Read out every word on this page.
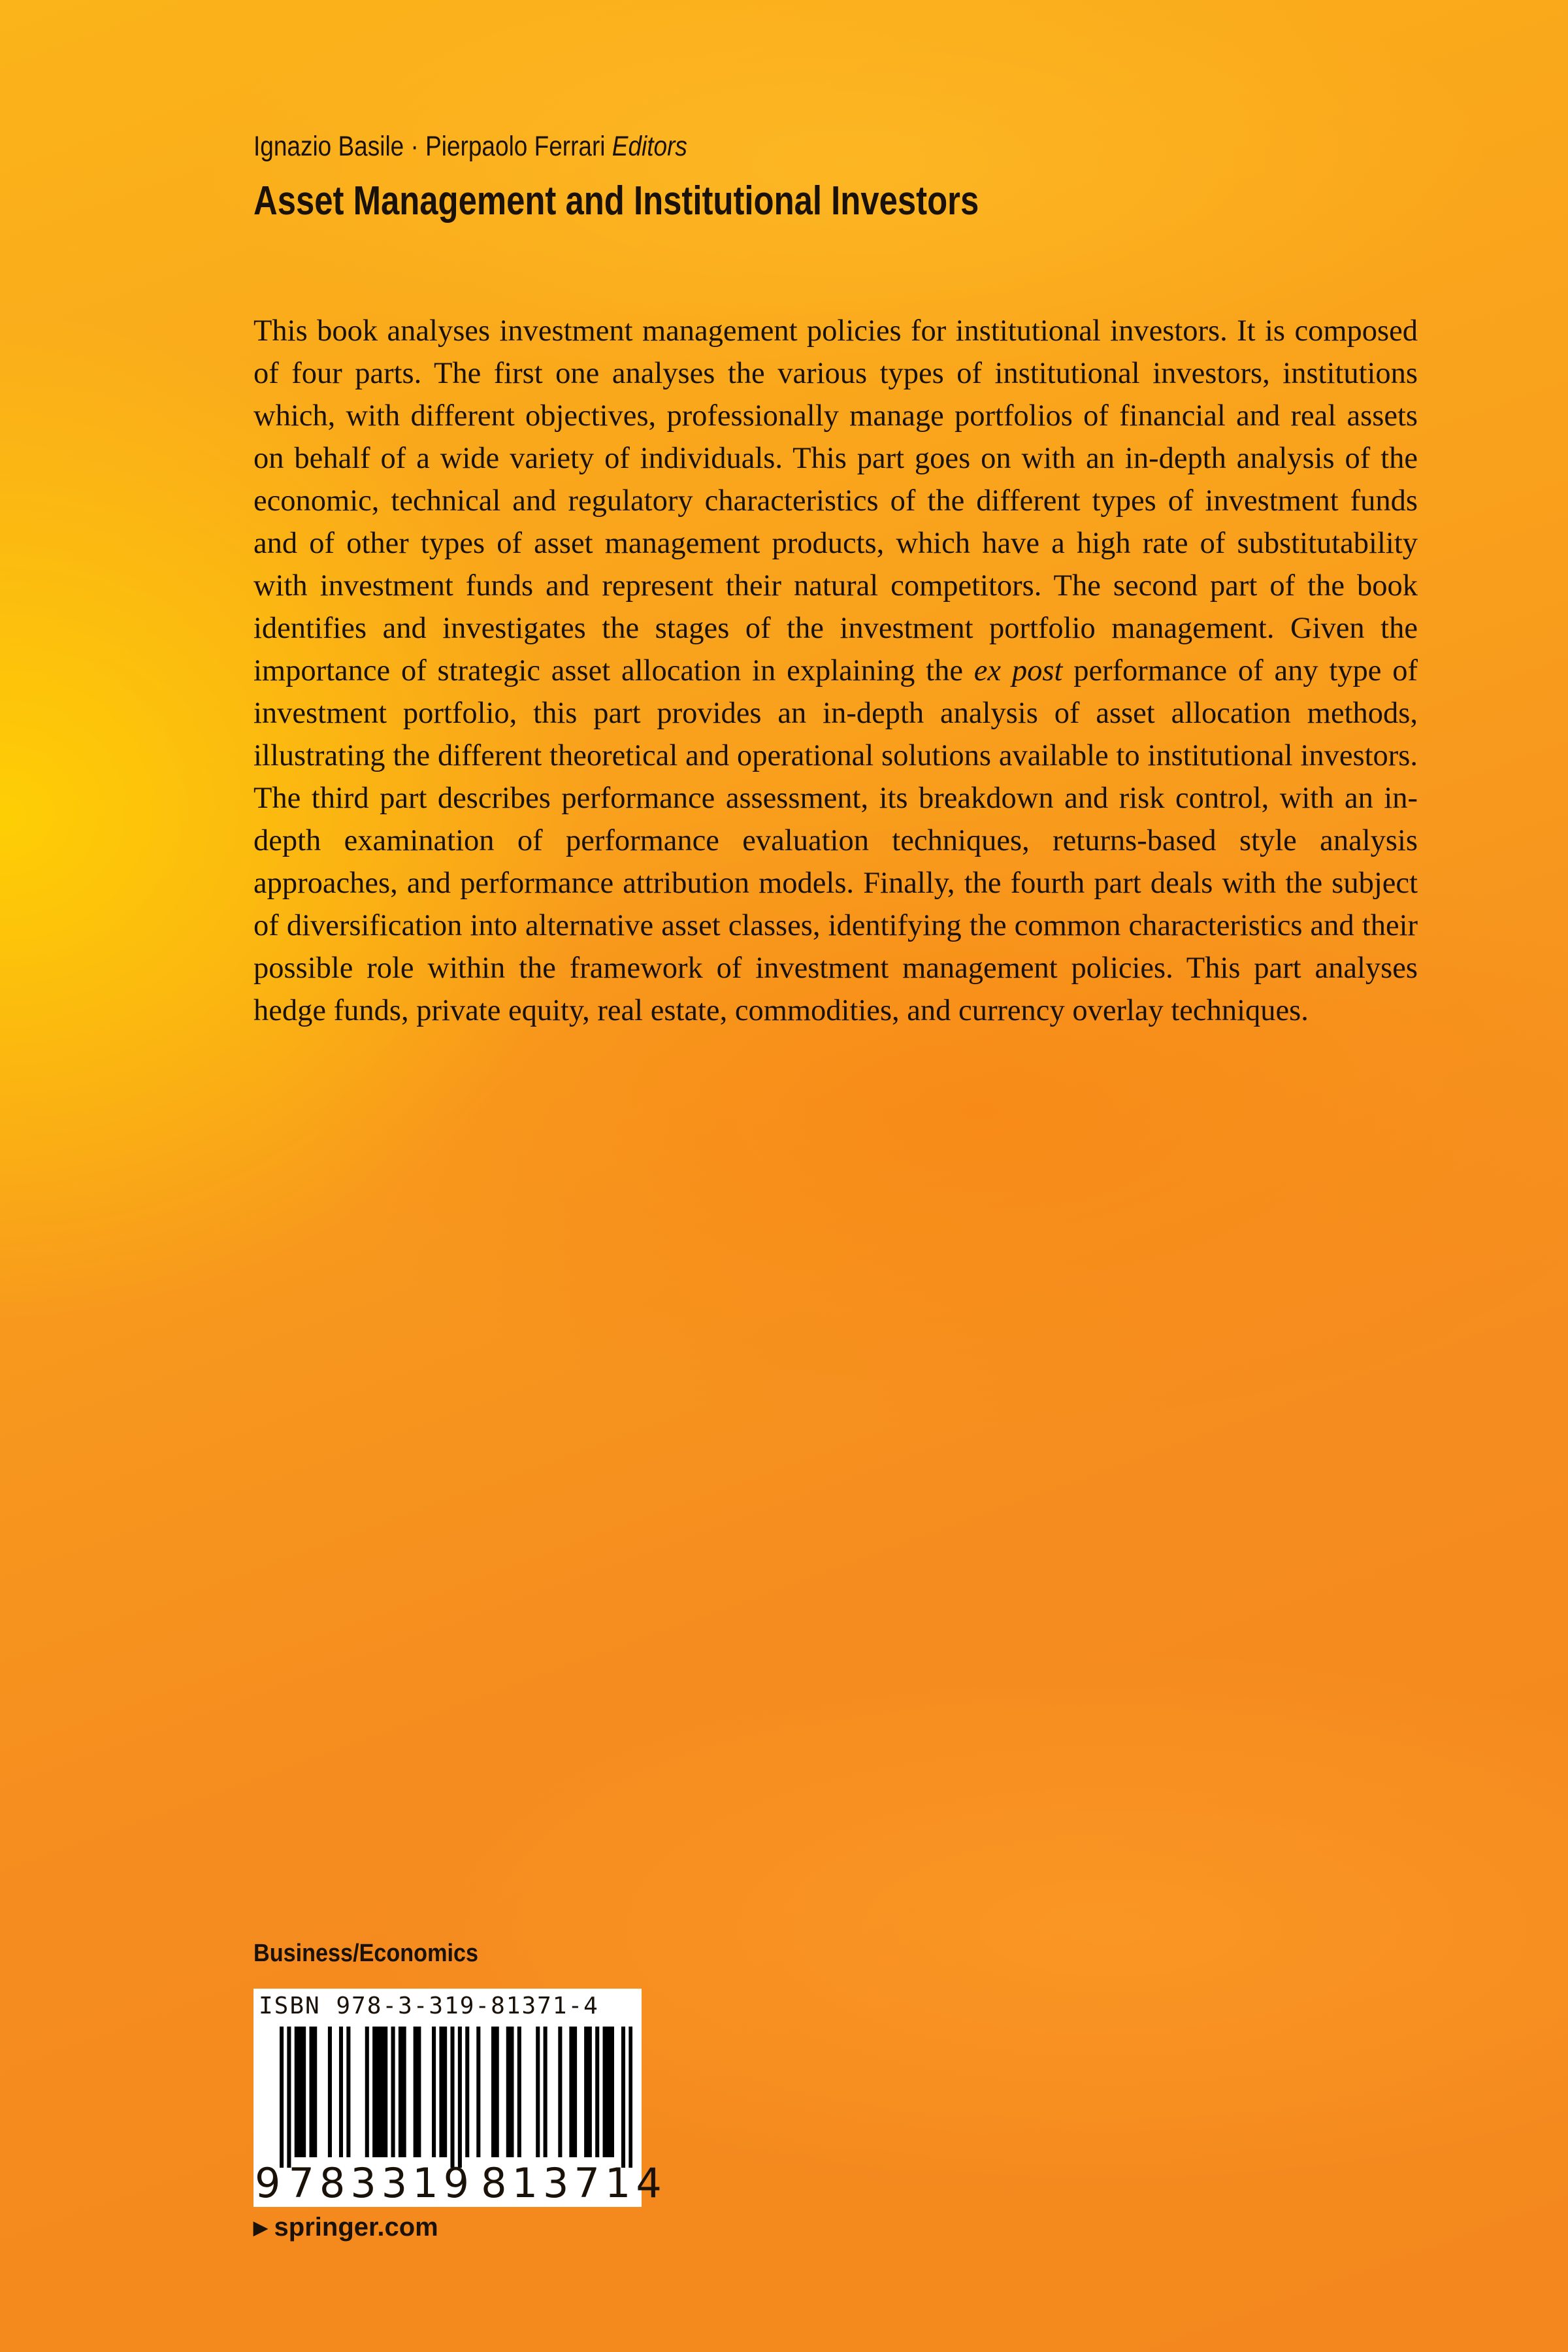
Ignazio Basile · Pierpaolo Ferrari Editors
Asset Management and Institutional Investors

This book analyses investment management policies for institutional investors. It is composed of four parts. The first one analyses the various types of institutional investors, institutions which, with different objectives, professionally manage portfolios of financial and real assets on behalf of a wide variety of individuals. This part goes on with an in-depth analysis of the economic, technical and regulatory characteristics of the different types of investment funds and of other types of asset management products, which have a high rate of substitutability with investment funds and represent their natural competitors. The second part of the book identifies and investigates the stages of the investment portfolio management. Given the importance of strategic asset allocation in explaining the ex post performance of any type of investment portfolio, this part provides an in-depth analysis of asset allocation methods, illustrating the different theoretical and operational solutions available to institutional investors. The third part describes performance assessment, its breakdown and risk control, with an in-depth examination of performance evaluation techniques, returns-based style analysis approaches, and performance attribution models. Finally, the fourth part deals with the subject of diversification into alternative asset classes, identifying the common characteristics and their possible role within the framework of investment management policies. This part analyses hedge funds, private equity, real estate, commodities, and currency overlay techniques.

Business/Economics
ISBN 978-3-319-81371-4
9 783319 813714
▶ springer.com
